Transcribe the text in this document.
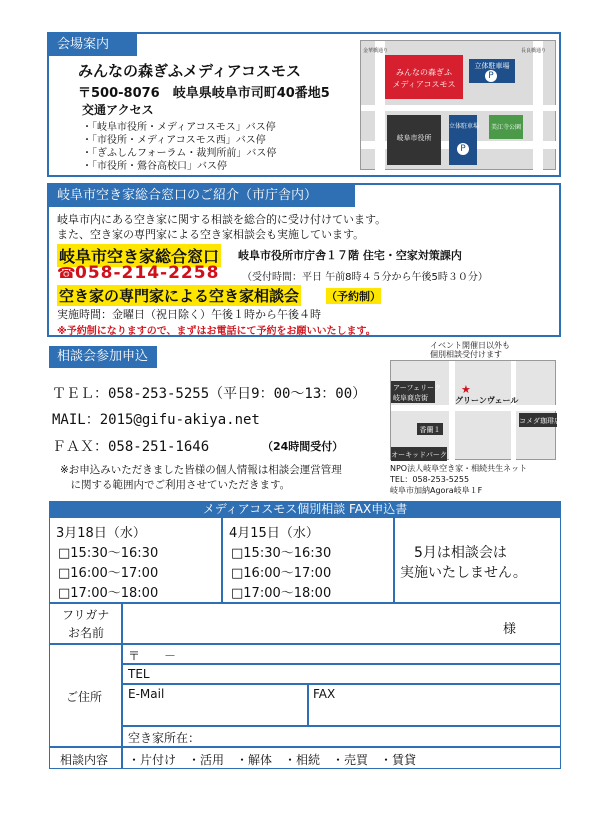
会場案内
みんなの森ぎふメディアコスモス
〒500-8076　岐阜県岐阜市司町40番地5
交通アクセス
・「岐阜市役所・メディアコスモス」バス停
・「市役所・メディアコスモス西」バス停
・「ぎふしんフォーラム・裁判所前」バス停
・「市役所・鶯谷高校口」バス停
みんなの森ぎふ
メディアコスモス
立体駐車場
P
岐阜市役所
立体駐車場
P
美江寺公園
金華橋通り	長良橋通り
岐阜市空き家総合窓口のご紹介（市庁舎内）
岐阜市内にある空き家に関する相談を総合的に受け付けています。
また、空き家の専門家による空き家相談会も実施しています。
岐阜市空き家総合窓口 岐阜市役所市庁舎１７階 住宅・空家対策課内
☎ 058-214-2258 （受付時間：平日 午前8時４５分から午後5時３０分）
空き家の専門家による空き家相談会 （予約制）
実施時間：金曜日（祝日除く）午後１時から午後４時
※予約制になりますので、まずはお電話にて予約をお願いいたします。
相談会参加申込
ＴＥＬ：058-253-5255（平日9：00～13：00）
MAIL：2015@gifu-akiya.net
ＦＡＸ：058-251-1646	（24時間受付）
※お申込みいただきました皆様の個人情報は相談会運営管理
　に関する範囲内でご利用させていただきます。
イベント開催日以外も
個別相談受付けます
アーフェリーク
岐阜商店街
★
グリーンヴェール
コメダ珈琲店
香蘭１
オーキッドパーク
NPO法人岐阜空き家・相続共生ネット
TEL：058-253-5255
岐阜市加納Agora岐阜１F
メディアコスモス個別相談 FAX申込書
3月18日（水）
□15:30～16:30
□16:00～17:00
□17:00～18:00
4月15日（水）
□15:30～16:30
□16:00～17:00
□17:00～18:00
5月は相談会は
実施いたしません。
フリガナ
お名前	様
ご住所
〒　　－
TEL
E-Mail	FAX
空き家所在：
相談内容 ・片付け　・活用　・解体　・相続　・売買　・賃貸
